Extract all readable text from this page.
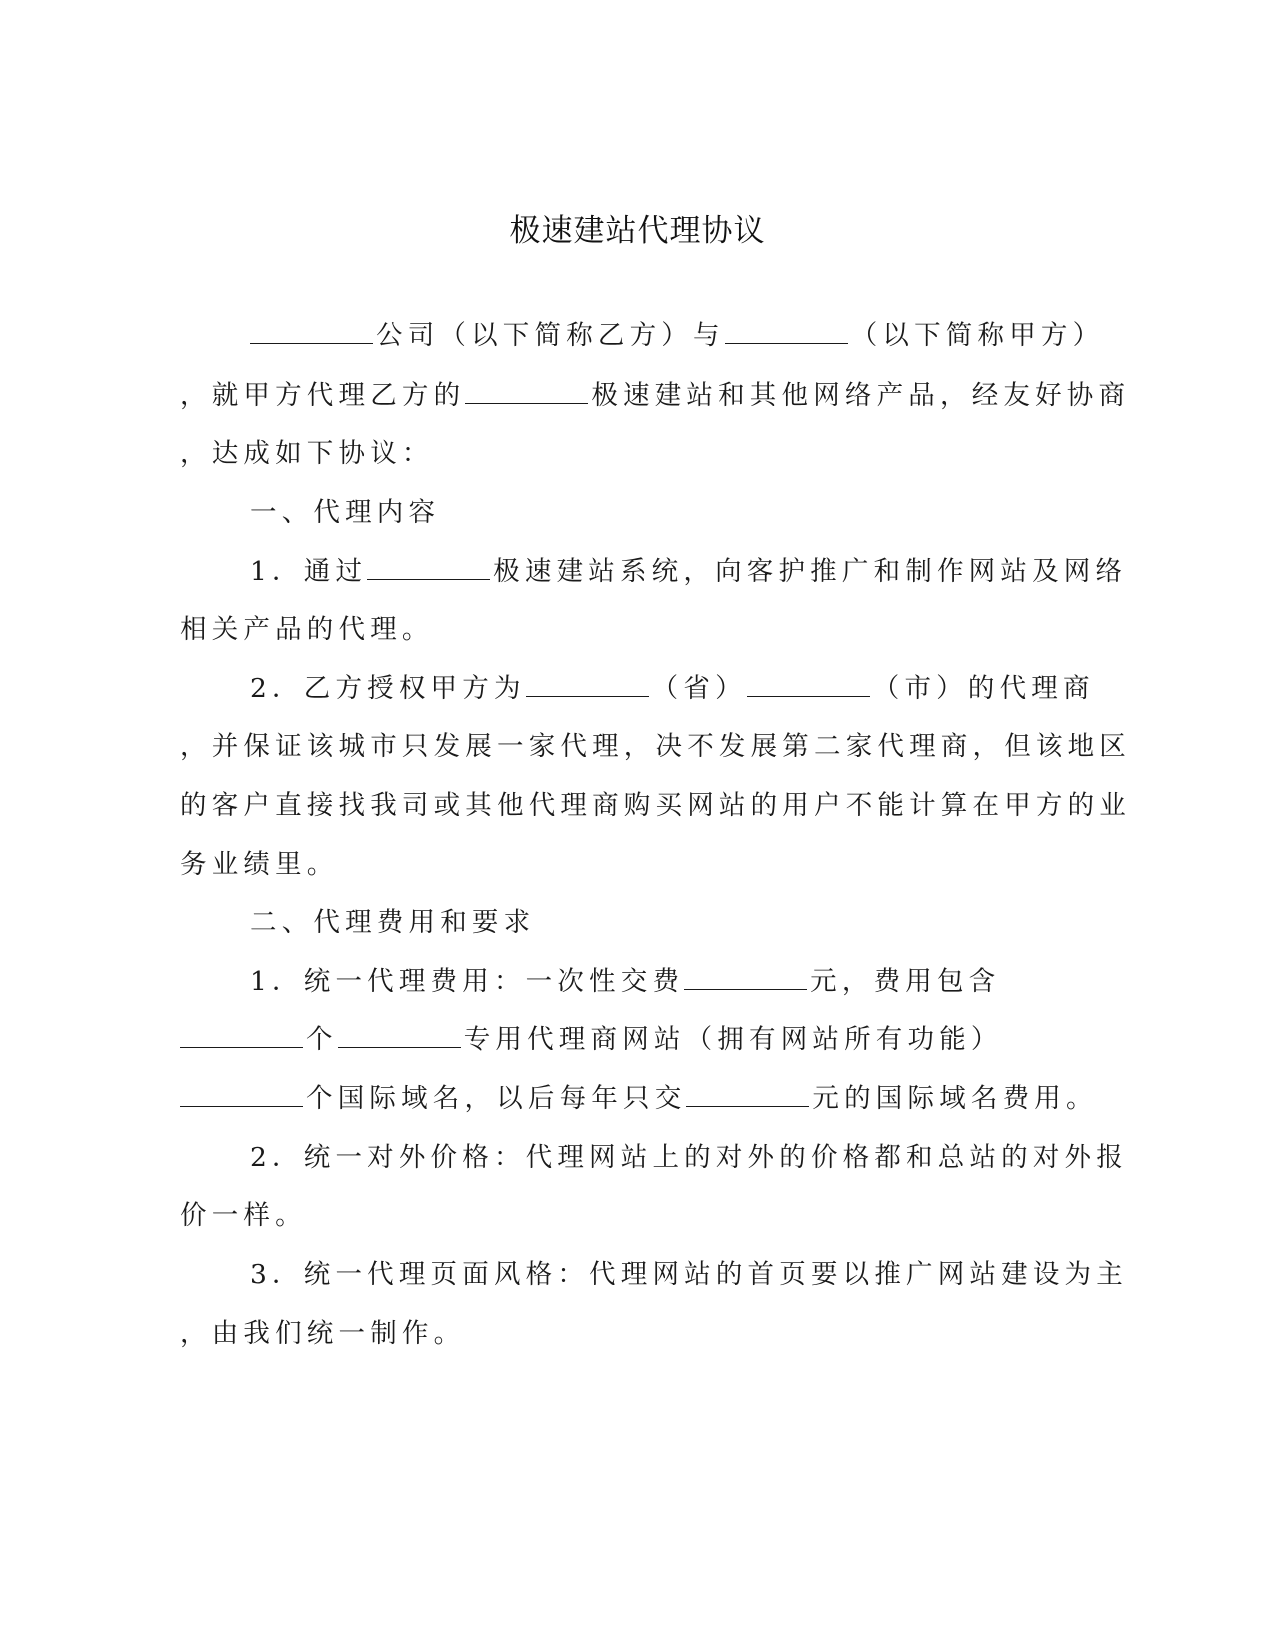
极速建站代理协议
公司（以下简称乙方）与	（以下简称甲方）
，就甲方代理乙方的	极速建站和其他网络产品，经友好协商
，达成如下协议：
一、代理内容
1．通过	极速建站系统，向客护推广和制作网站及网络
相关产品的代理。
2．乙方授权甲方为	（省）	（市）的代理商
，并保证该城市只发展一家代理，决不发展第二家代理商，但该地区
的客户直接找我司或其他代理商购买网站的用户不能计算在甲方的业
务业绩里。
二、代理费用和要求
1．统一代理费用：一次性交费	元，费用包含
个	专用代理商网站（拥有网站所有功能）
个国际域名，以后每年只交	元的国际域名费用。
2．统一对外价格：代理网站上的对外的价格都和总站的对外报
价一样。
3．统一代理页面风格：代理网站的首页要以推广网站建设为主
，由我们统一制作。
